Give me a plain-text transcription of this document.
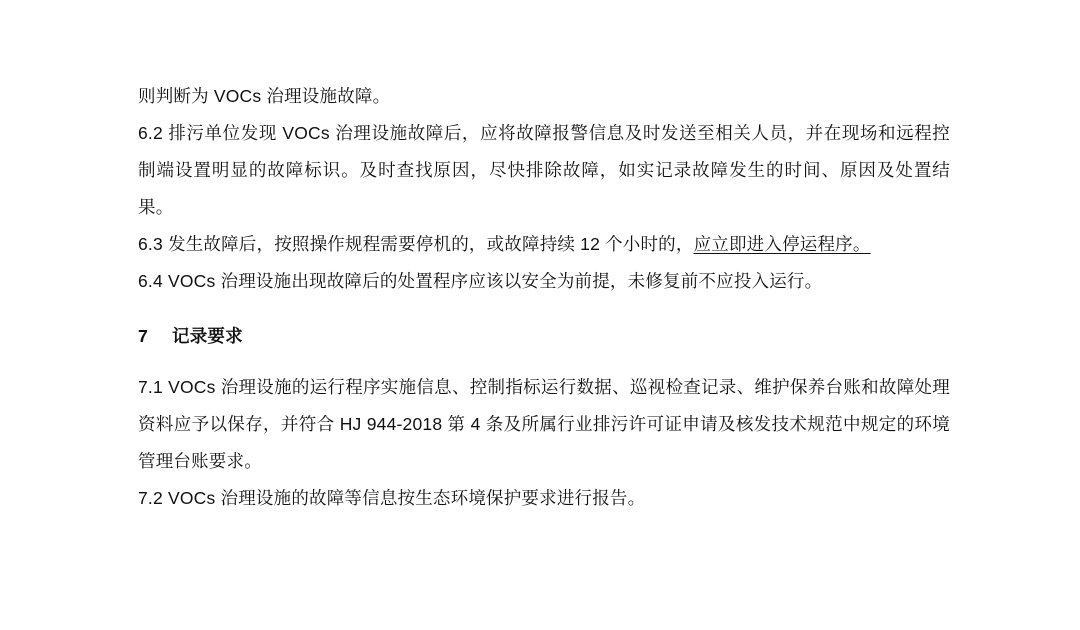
则判断为 VOCs 治理设施故障。

6.2 排污单位发现 VOCs 治理设施故障后，应将故障报警信息及时发送至相关人员，并在现场和远程控制端设置明显的故障标识。及时查找原因，尽快排除故障，如实记录故障发生的时间、原因及处置结果。

6.3 发生故障后，按照操作规程需要停机的，或故障持续 12 个小时的，应立即进入停运程序。

6.4 VOCs 治理设施出现故障后的处置程序应该以安全为前提，未修复前不应投入运行。

7 记录要求

7.1 VOCs 治理设施的运行程序实施信息、控制指标运行数据、巡视检查记录、维护保养台账和故障处理资料应予以保存，并符合 HJ 944-2018 第 4 条及所属行业排污许可证申请及核发技术规范中规定的环境管理台账要求。

7.2 VOCs 治理设施的故障等信息按生态环境保护要求进行报告。
